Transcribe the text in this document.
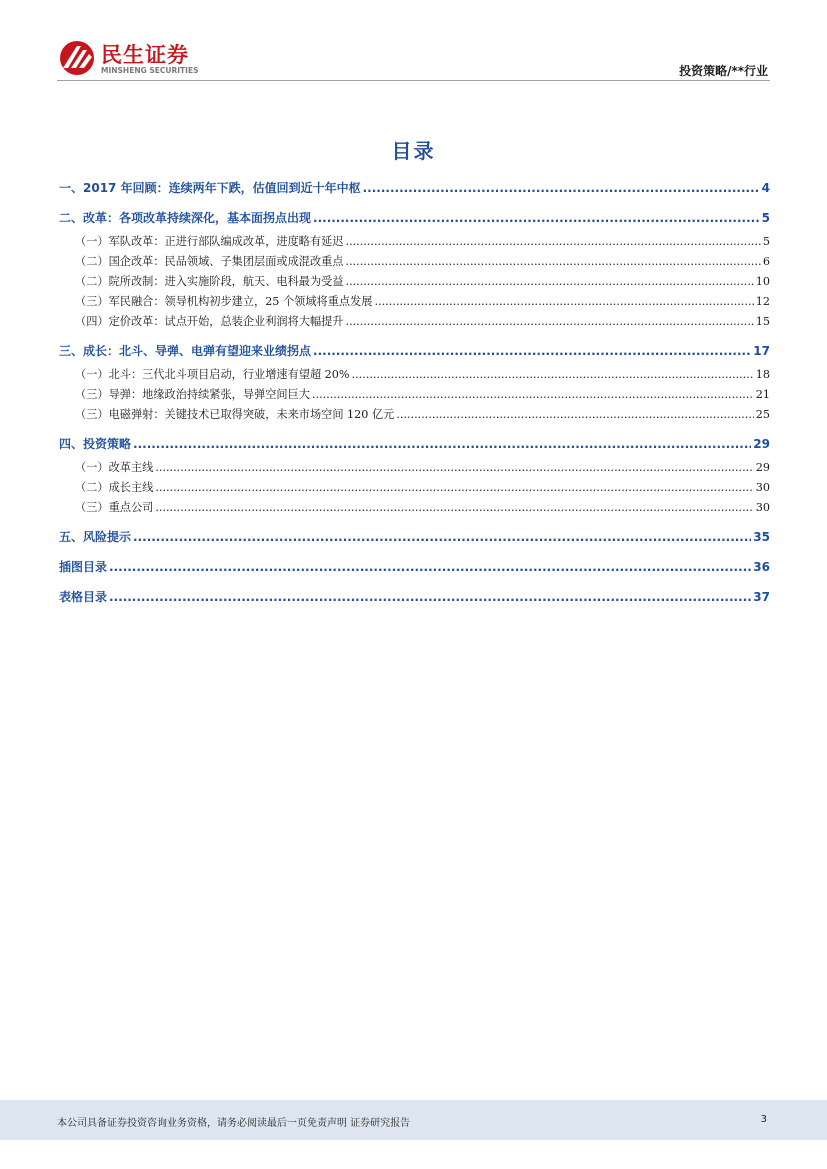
民生证券
MINSHENG SECURITIES	投资策略/**行业
目录
一、2017 年回顾：连续两年下跌，估值回到近十年中枢 .....	4
二、改革：各项改革持续深化，基本面拐点出现 .....	5
（一）军队改革：正进行部队编成改革，进度略有延迟 .....	5
（二）国企改革：民品领域、子集团层面或成混改重点 .....	6
（二）院所改制：进入实施阶段，航天、电科最为受益 .....	10
（三）军民融合：领导机构初步建立，25 个领域将重点发展 .....	12
（四）定价改革：试点开始，总装企业利润将大幅提升 .....	15
三、成长：北斗、导弹、电弹有望迎来业绩拐点 .....	17
（一）北斗：三代北斗项目启动，行业增速有望超 20% .....	18
（三）导弹：地缘政治持续紧张，导弹空间巨大 .....	21
（三）电磁弹射：关键技术已取得突破，未来市场空间 120 亿元 .....	25
四、投资策略 .....	29
（一）改革主线 .....	29
（二）成长主线 .....	30
（三）重点公司 .....	30
五、风险提示 .....	35
插图目录 .....	36
表格目录 .....	37
本公司具备证券投资咨询业务资格，请务必阅读最后一页免责声明 证券研究报告	3
